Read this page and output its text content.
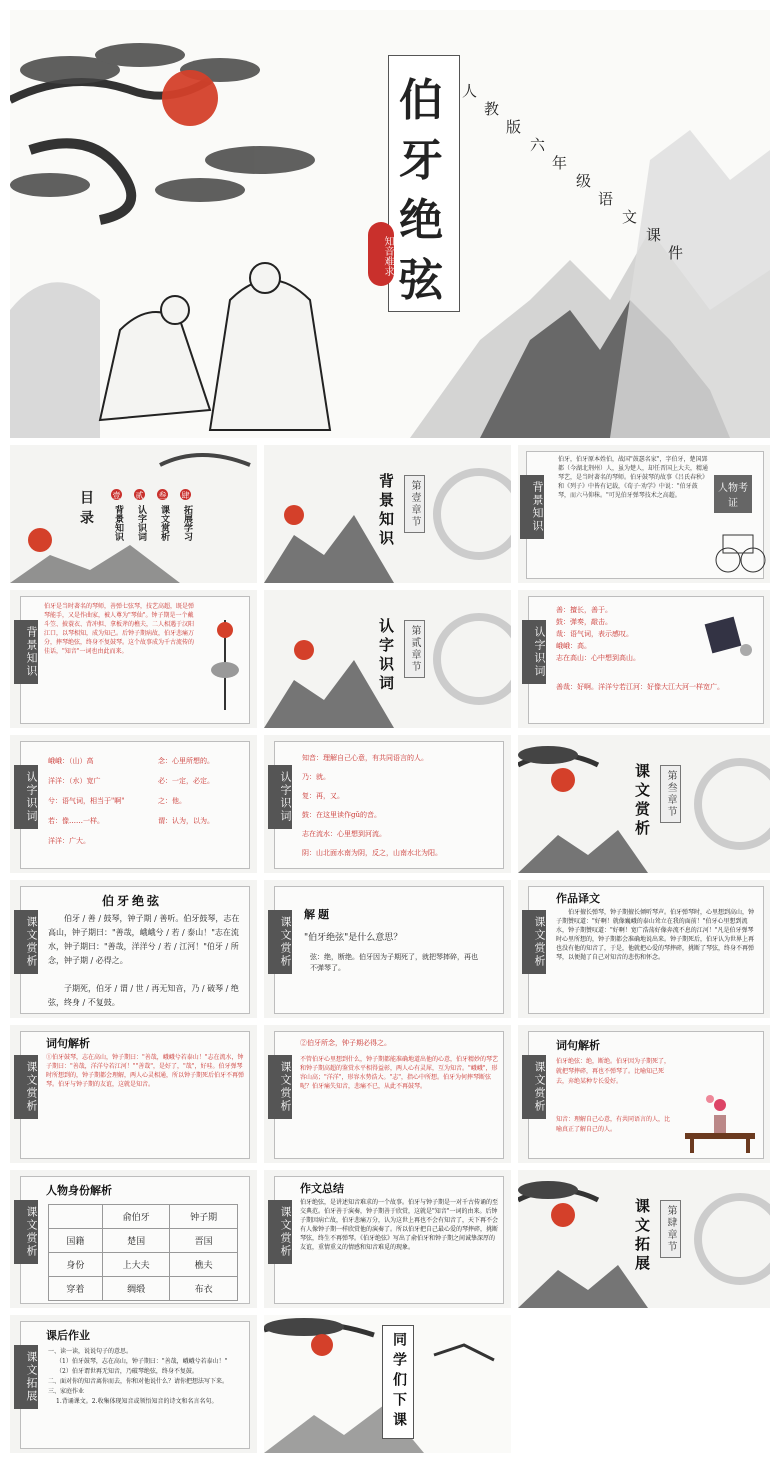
伯
牙
绝
弦
知音难求
人
教
版
六
年
级
语
文
课
件
目录 背景知识 认字识词 课文赏析 拓展学习
壹 贰 叁 肆	背景知识	第壹章节	背景知识
伯牙，伯牙原本姓伯，战国"鼓瑟名家"，字伯牙，楚国郢都（今湖北荆州）人，虽为楚人，却任晋国上大夫，精通琴艺，是当时著名的琴师。伯牙鼓琴的故事《吕氏春秋》和《列子》中皆有记载，《荀子·劝学》中说："伯牙鼓琴，而六马仰秣。"可见伯牙弹琴技术之高超。
人物考证
背景知识
伯牙是当时著名的琴师，善弹七弦琴，技艺高超，既是弹琴能手，又是作曲家，被人尊为"琴仙"。钟子期是一个戴斗笠、披蓑衣、背冲担、拿板斧的樵夫，二人相遇于汉阳江口，以琴相知，成为知己。后钟子期病故，伯牙悲痛万分，摔琴绝弦，终身不复鼓琴。这个故事成为千古流传的佳话，"知音"一词也由此而来。	认字识词	第贰章节	认字识词
善：擅长，善于。
鼓：弹奏，敲击。
哉：语气词，表示感叹。
峨峨：高。
志在高山：心中想到高山。
善哉：好啊。洋洋兮若江河：好像大江大河一样宽广。
认字识词
峨峨：（山）高
洋洋：（水）宽广
兮：语气词，相当于"啊"
若：像……一样。
洋洋：广大。
念：心里所想的。
必：一定，必定。
之：他。
谓：认为，以为。	认字识词
知音：理解自己心意，有共同语言的人。
乃：就。
复：再，又。
鼓：在这里读作gǔ的音。
志在流水：心里想到河流。
阴：山北面水南为阴，反之，山南水北为阳。
课文赏析	第叁章节
课文赏析
伯牙绝弦
伯牙 / 善 / 鼓琴，钟子期 / 善听。伯牙鼓琴，志在高山，钟子期曰："善哉，峨峨兮 / 若 / 泰山！"志在流水，钟子期曰："善哉，洋洋兮 / 若 / 江河！"伯牙 / 所念，钟子期 / 必得之。
子期死，伯牙 / 谓 / 世 / 再无知音，乃 / 破琴 / 绝弦，终身 / 不复鼓。
课文赏析
解题
"伯牙绝弦"是什么意思？
弦：绝，断绝。伯牙因为子期死了，就把琴摔碎，再也不弹琴了。	课文赏析
作品译文
伯牙擅长弹琴，钟子期擅长倾听琴声。伯牙弹琴时，心里想到高山，钟子期赞叹道："好啊！就像巍峨的泰山耸立在我的面前！"伯牙心里想到流水，钟子期赞叹道："好啊！宽广浩荡好像奔流不息的江河！"凡是伯牙弹琴时心里所想的，钟子期都会准确地说出来。钟子期死后，伯牙认为世界上再也没有他的知音了，于是，他就把心爱的琴摔碎，挑断了琴弦，终身不再弹琴，以便抛了自己对知音的悲伤和怀念。
课文赏析
词句解析
①伯牙鼓琴，志在高山，钟子期曰："善哉，峨峨兮若泰山！"志在流水，钟子期曰："善哉，洋洋兮若江河！""善哉"，是好了，"哉"，好哇。伯牙弹琴时所想到的，钟子期都会理解，两人心灵相通，所以钟子期死后伯牙不再弹琴。伯牙与钟子期的友谊，这就是知音。	课文赏析
②伯牙所念，钟子期必得之。
不管伯牙心里想到什么，钟子期都能准确地道出他的心意，伯牙精妙的琴艺和钟子期高超的鉴赏水平相得益彰，两人心有灵犀，互为知音。"峨峨"，形容山高；"洋洋"，形容水势浩大。"志"，指心中所想。伯牙为何摔琴断弦呢？伯牙痛失知音，悲痛不已，从此不再鼓琴。	课文赏析
词句解析
伯牙绝弦：绝，断绝。伯牙因为子期死了，就把琴摔碎，再也不弹琴了。比喻知己死去，弃绝某种专长爱好。
知音：理解自己心意，有共同语言的人，比喻真正了解自己的人。
课文赏析
人物身份解析
	俞伯牙	钟子期
国籍	楚国	晋国
身份	上大夫	樵夫
穿着	绸缎	布衣
课文赏析
作文总结
伯牙绝弦，是讲述知音难求的一个故事。伯牙与钟子期是一对千古传诵的至交典范。伯牙善于演奏，钟子期善于欣赏，这就是"知音"一词的由来。后钟子期因病亡故，伯牙悲痛万分，认为这世上再也不会有知音了，天下再不会有人像钟子期一样欣赏他的演奏了。所以伯牙把自己最心爱的琴摔碎，挑断琴弦，终生不再弹琴。《伯牙绝弦》写出了俞伯牙和钟子期之间诚挚深厚的友谊，重情重义的情感和知音难觅的现象。	课文拓展	第肆章节
课文拓展
课后作业
一、读一读，说说句子的意思。
（1）伯牙鼓琴，志在高山，钟子期曰："善哉，峨峨兮若泰山！"
（2）伯牙谓世再无知音，乃破琴绝弦，终身不复鼓。
二、面对你的知音离你而去，你和对他说什么？请你把想法写下来。
三、家庭作业
1.背诵课文。2.收集体现知音或领悟知音的诗文和名言名句。	同学们下课
